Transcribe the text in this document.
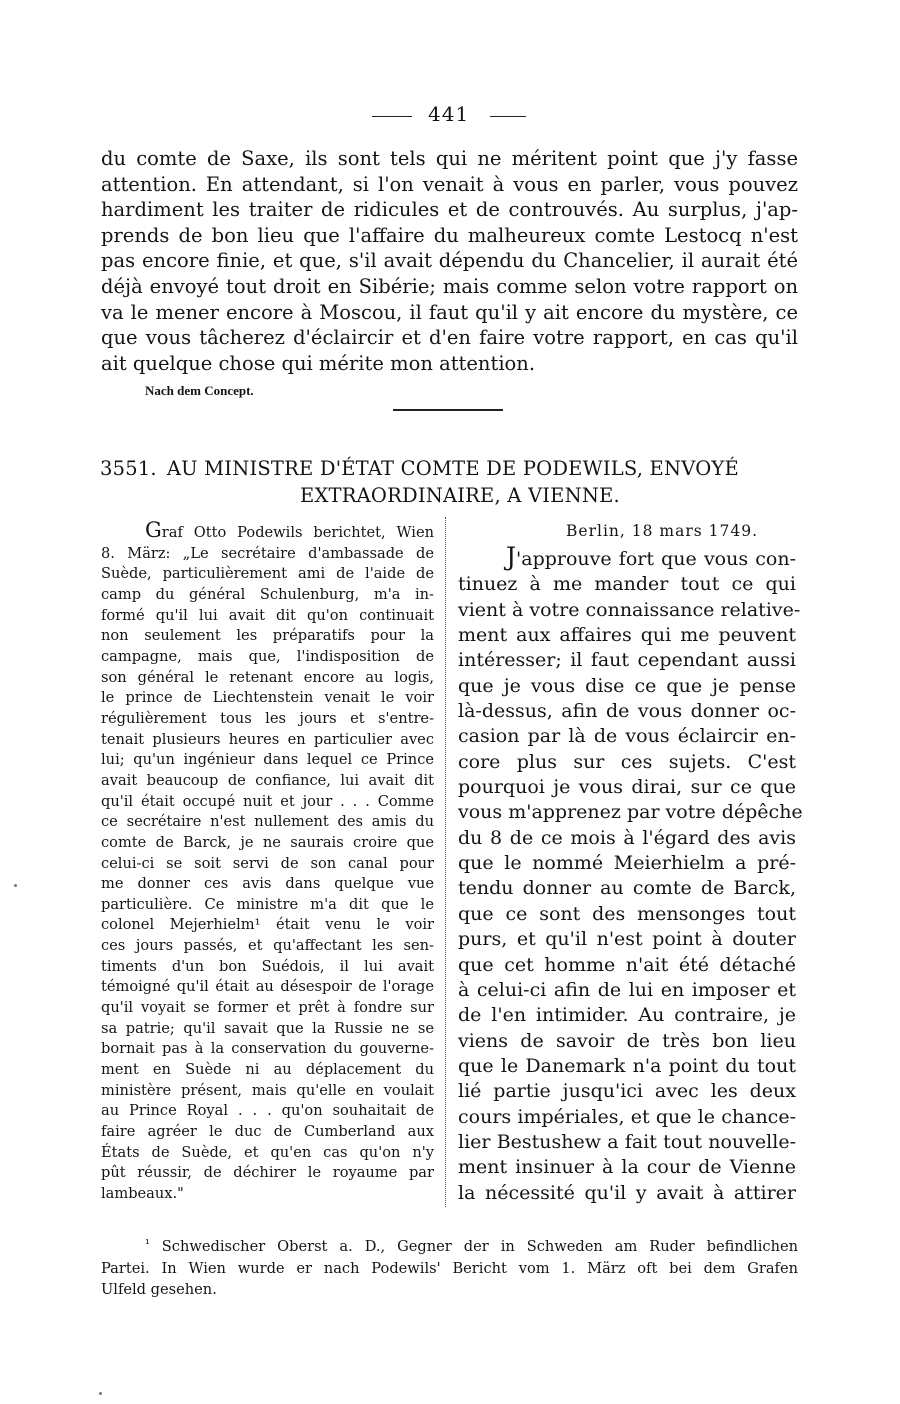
441
du comte de Saxe, ils sont tels qui ne méritent point que j'y fasse
attention. En attendant, si l'on venait à vous en parler, vous pouvez
hardiment les traiter de ridicules et de controuvés. Au surplus, j'ap-
prends de bon lieu que l'affaire du malheureux comte Lestocq n'est
pas encore finie, et que, s'il avait dépendu du Chancelier, il aurait été
déjà envoyé tout droit en Sibérie; mais comme selon votre rapport on
va le mener encore à Moscou, il faut qu'il y ait encore du mystère, ce
que vous tâcherez d'éclaircir et d'en faire votre rapport, en cas qu'il
ait quelque chose qui mérite mon attention.
Nach dem Concept.
3551. AU MINISTRE D'ÉTAT COMTE DE PODEWILS, ENVOYÉ
EXTRAORDINAIRE, A VIENNE.
Graf Otto Podewils berichtet, Wien
8. März: „Le secrétaire d'ambassade de
Suède, particulièrement ami de l'aide de
camp du général Schulenburg, m'a in-
formé qu'il lui avait dit qu'on continuait
non seulement les préparatifs pour la
campagne, mais que, l'indisposition de
son général le retenant encore au logis,
le prince de Liechtenstein venait le voir
régulièrement tous les jours et s'entre-
tenait plusieurs heures en particulier avec
lui; qu'un ingénieur dans lequel ce Prince
avait beaucoup de confiance, lui avait dit
qu'il était occupé nuit et jour . . . Comme
ce secrétaire n'est nullement des amis du
comte de Barck, je ne saurais croire que
celui-ci se soit servi de son canal pour
me donner ces avis dans quelque vue
particulière. Ce ministre m'a dit que le
colonel Mejerhielm¹ était venu le voir
ces jours passés, et qu'affectant les sen-
timents d'un bon Suédois, il lui avait
témoigné qu'il était au désespoir de l'orage
qu'il voyait se former et prêt à fondre sur
sa patrie; qu'il savait que la Russie ne se
bornait pas à la conservation du gouverne-
ment en Suède ni au déplacement du
ministère présent, mais qu'elle en voulait
au Prince Royal . . . qu'on souhaitait de
faire agréer le duc de Cumberland aux
États de Suède, et qu'en cas qu'on n'y
pût réussir, de déchirer le royaume par
lambeaux."
Berlin, 18 mars 1749.
J'approuve fort que vous con-
tinuez à me mander tout ce qui
vient à votre connaissance relative-
ment aux affaires qui me peuvent
intéresser; il faut cependant aussi
que je vous dise ce que je pense
là-dessus, afin de vous donner oc-
casion par là de vous éclaircir en-
core plus sur ces sujets. C'est
pourquoi je vous dirai, sur ce que
vous m'apprenez par votre dépêche
du 8 de ce mois à l'égard des avis
que le nommé Meierhielm a pré-
tendu donner au comte de Barck,
que ce sont des mensonges tout
purs, et qu'il n'est point à douter
que cet homme n'ait été détaché
à celui-ci afin de lui en imposer et
de l'en intimider. Au contraire, je
viens de savoir de très bon lieu
que le Danemark n'a point du tout
lié partie jusqu'ici avec les deux
cours impériales, et que le chance-
lier Bestushew a fait tout nouvelle-
ment insinuer à la cour de Vienne
la nécessité qu'il y avait à attirer
$^{^1}$ Schwedischer Oberst a. D., Gegner der in Schweden am Ruder befindlichen
Partei. In Wien wurde er nach Podewils' Bericht vom 1. März oft bei dem Grafen
Ulfeld gesehen.
